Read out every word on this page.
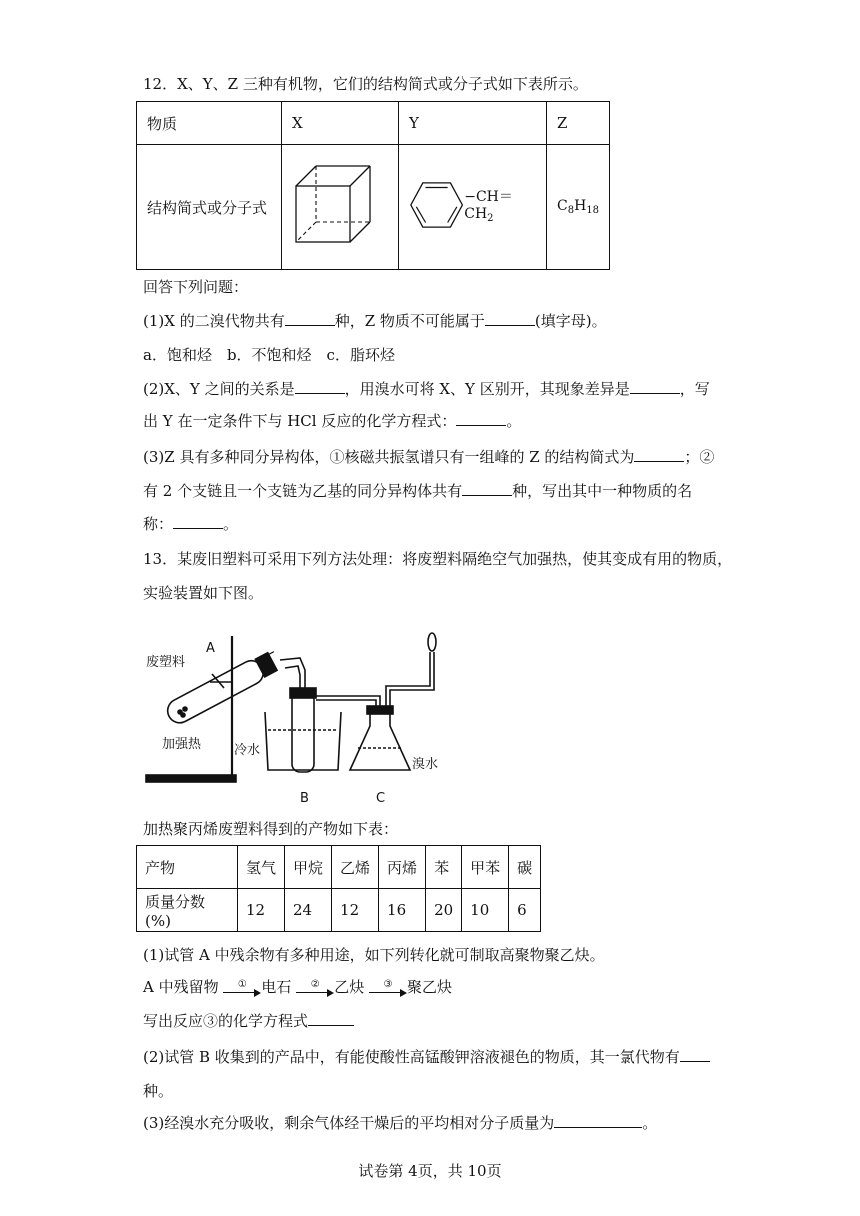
12．X、Y、Z 三种有机物，它们的结构简式或分子式如下表所示。
物质	X	Y	Z
结构简式或分子式		$-CH=CH_2$	$C_8H_{18}$
回答下列问题：
(1)X 的二溴代物共有	种，Z 物质不可能属于	(填字母)。
a．饱和烃　b．不饱和烃　c．脂环烃
(2)X、Y 之间的关系是	，用溴水可将 X、Y 区别开，其现象差异是	，写
出 Y 在一定条件下与 HCl 反应的化学方程式：	。
(3)Z 具有多种同分异构体，①核磁共振氢谱只有一组峰的 Z 的结构简式为	；②
有 2 个支链且一个支链为乙基的同分异构体共有	种，写出其中一种物质的名
称：	。
13．某废旧塑料可采用下列方法处理：将废塑料隔绝空气加强热，使其变成有用的物质，
实验装置如下图。
废塑料
A
加强热	冷水
溴水
B	C
加热聚丙烯废塑料得到的产物如下表：
产物	氢气	甲烷	乙烯	丙烯	苯	甲苯	碳
质量分数(%)	12	24	12	16	20	10	6
(1)试管 A 中残余物有多种用途，如下列转化就可制取高聚物聚乙炔。
A 中残留物	① 电石	② 乙炔	③ 聚乙炔
写出反应③的化学方程式
(2)试管 B 收集到的产品中，有能使酸性高锰酸钾溶液褪色的物质，其一氯代物有
种。
(3)经溴水充分吸收，剩余气体经干燥后的平均相对分子质量为	。
试卷第 4页，共 10页
